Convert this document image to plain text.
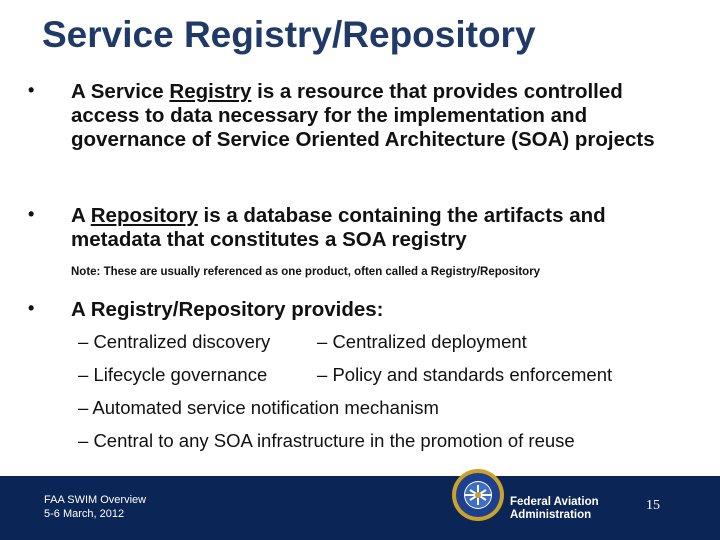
Service Registry/Repository
• A Service Registry is a resource that provides controlled access to data necessary for the implementation and governance of Service Oriented Architecture (SOA) projects
• A Repository is a database containing the artifacts and metadata that constitutes a SOA registry
Note: These are usually referenced as one product, often called a Registry/Repository
• A Registry/Repository provides:
– Centralized discovery	– Centralized deployment
– Lifecycle governance	– Policy and standards enforcement
– Automated service notification mechanism
– Central to any SOA infrastructure in the promotion of reuse
FAA SWIM Overview
5-6 March, 2012
Federal Aviation
Administration
15
